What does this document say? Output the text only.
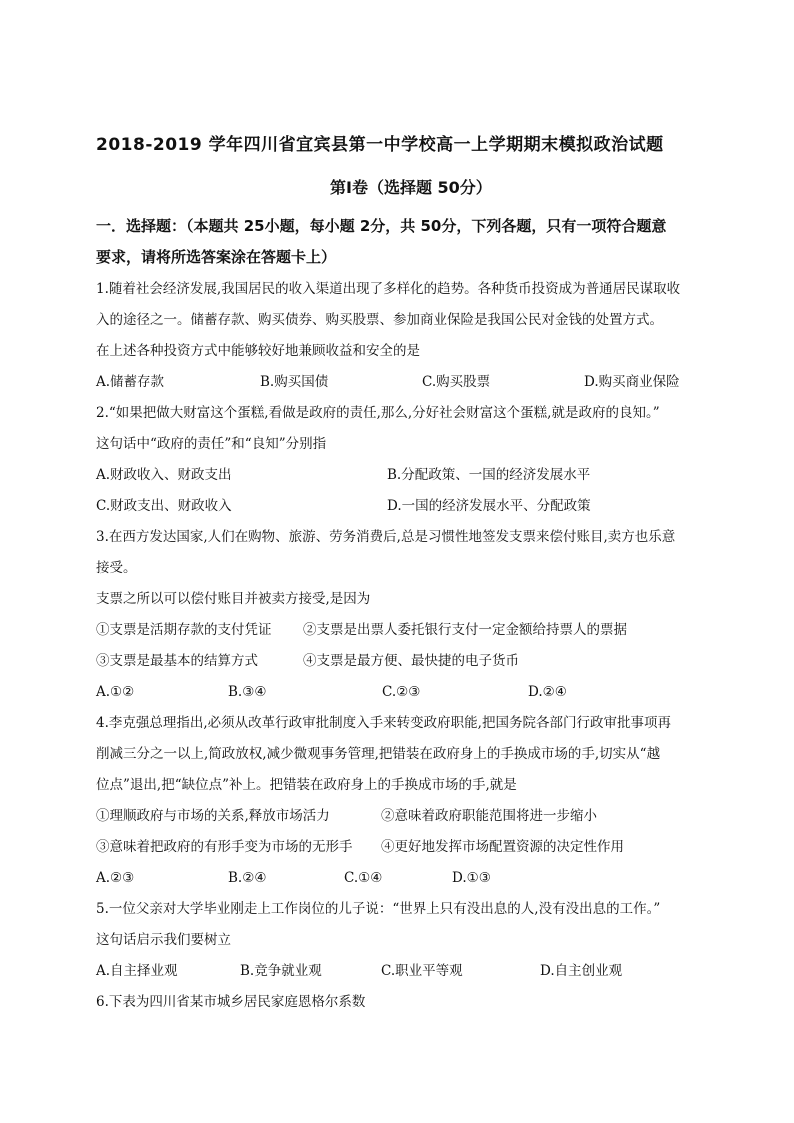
2018-2019 学年四川省宜宾县第一中学校高一上学期期末模拟政治试题
第Ⅰ卷（选择题 50分）
一．选择题：（本题共 25小题，每小题 2分，共 50分，下列各题，只有一项符合题意
要求，请将所选答案涂在答题卡上）
1.随着社会经济发展,我国居民的收入渠道出现了多样化的趋势。各种货币投资成为普通居民谋取收
入的途径之一。储蓄存款、购买债券、购买股票、参加商业保险是我国公民对金钱的处置方式。
在上述各种投资方式中能够较好地兼顾收益和安全的是
A.储蓄存款	B.购买国债	C.购买股票	D.购买商业保险
2.“如果把做大财富这个蛋糕,看做是政府的责任,那么,分好社会财富这个蛋糕,就是政府的良知。”
这句话中“政府的责任”和“良知”分别指
A.财政收入、财政支出	B.分配政策、一国的经济发展水平
C.财政支出、财政收入	D.一国的经济发展水平、分配政策
3.在西方发达国家,人们在购物、旅游、劳务消费后,总是习惯性地签发支票来偿付账目,卖方也乐意
接受。
支票之所以可以偿付账目并被卖方接受,是因为
①支票是活期存款的支付凭证 ②支票是出票人委托银行支付一定金额给持票人的票据
③支票是最基本的结算方式	④支票是最方便、最快捷的电子货币
A.①②	B.③④	C.②③	D.②④
4.李克强总理指出,必须从改革行政审批制度入手来转变政府职能,把国务院各部门行政审批事项再
削减三分之一以上,简政放权,减少微观事务管理,把错装在政府身上的手换成市场的手,切实从“越
位点”退出,把“缺位点”补上。把错装在政府身上的手换成市场的手,就是
①理顺政府与市场的关系,释放市场活力	②意味着政府职能范围将进一步缩小
③意味着把政府的有形手变为市场的无形手 ④更好地发挥市场配置资源的决定性作用
A.②③	B.②④	C.①④	D.①③
5.一位父亲对大学毕业刚走上工作岗位的儿子说：“世界上只有没出息的人,没有没出息的工作。”
这句话启示我们要树立
A.自主择业观	B.竞争就业观	C.职业平等观	D.自主创业观
6.下表为四川省某市城乡居民家庭恩格尔系数
